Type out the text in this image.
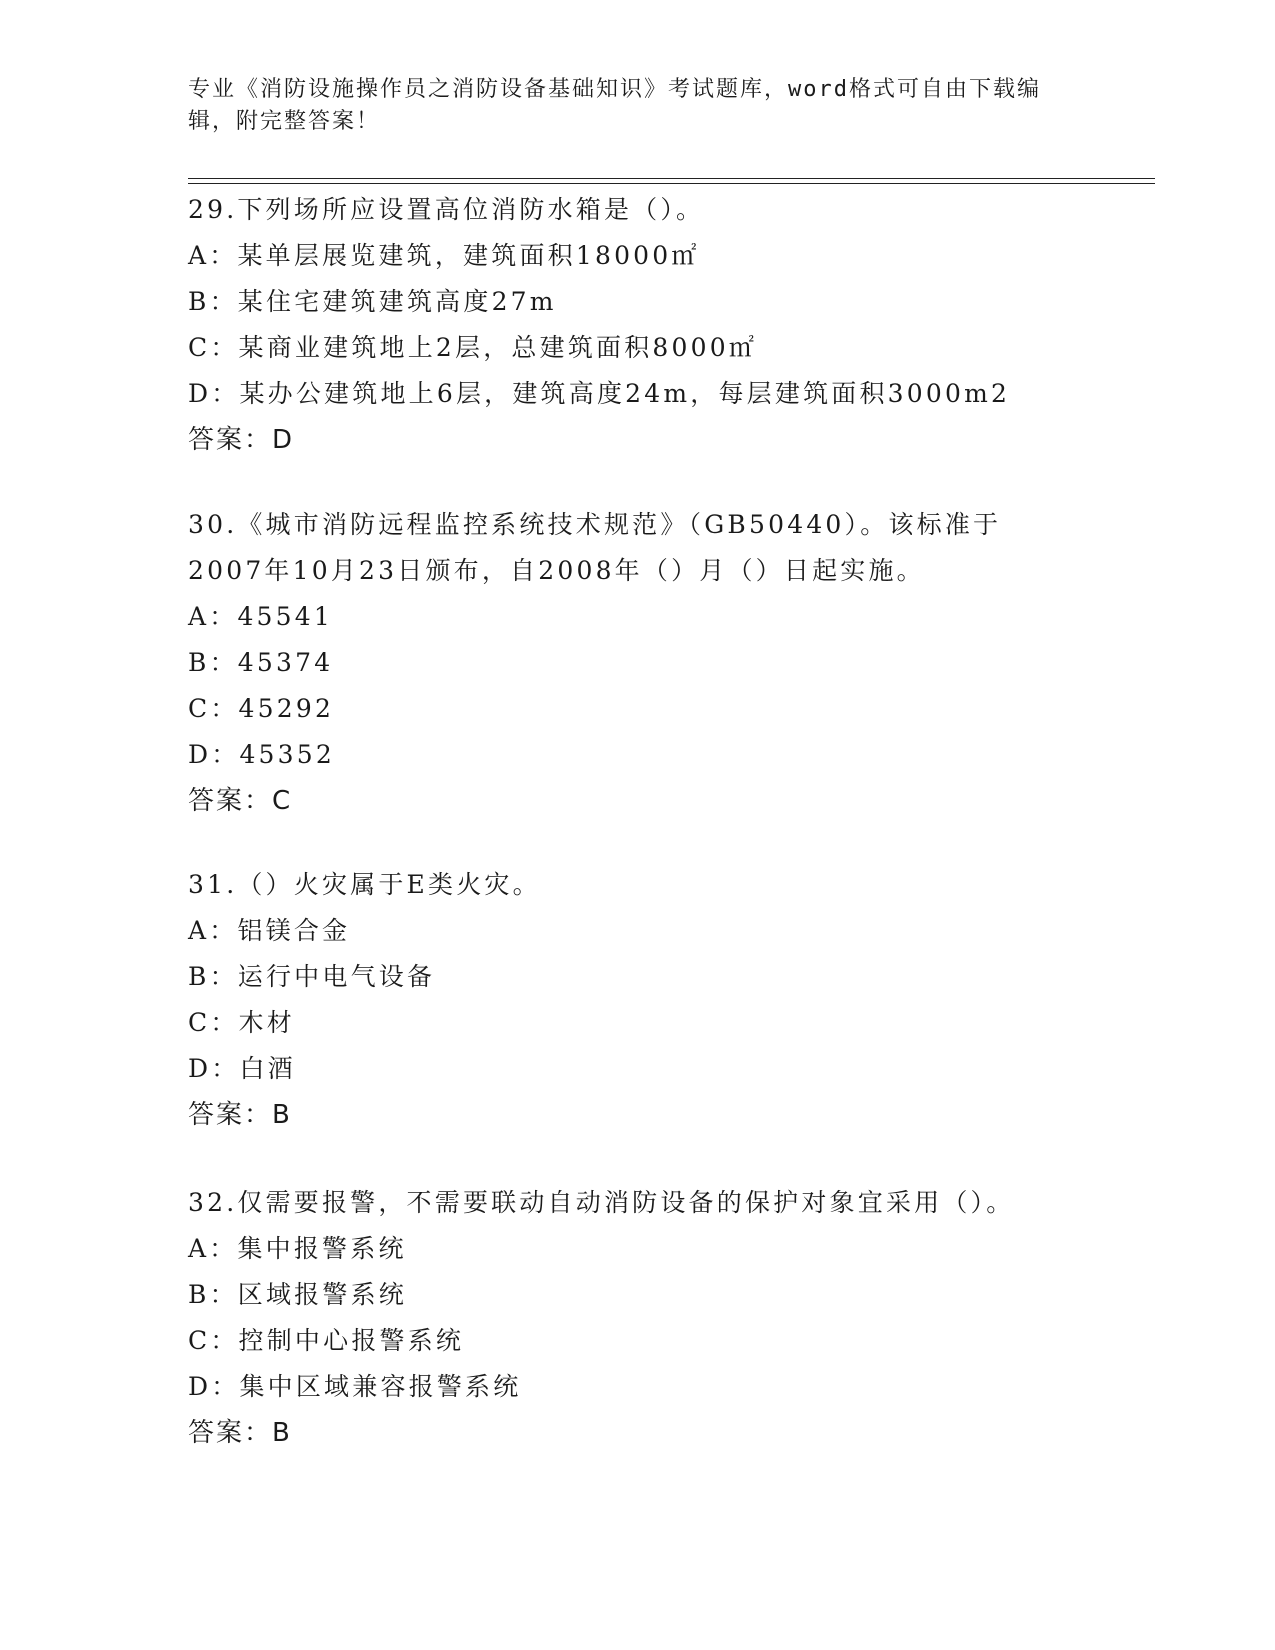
专业《消防设施操作员之消防设备基础知识》考试题库，word格式可自由下载编辑，附完整答案！
29.下列场所应设置高位消防水箱是（）。
A：某单层展览建筑，建筑面积18000㎡
B：某住宅建筑建筑高度27m
C：某商业建筑地上2层，总建筑面积8000㎡
D：某办公建筑地上6层，建筑高度24m，每层建筑面积3000m2
答案：D
30.《城市消防远程监控系统技术规范》（GB50440）。该标准于2007年10月23日颁布，自2008年（）月（）日起实施。
A：45541
B：45374
C：45292
D：45352
答案：C
31.（）火灾属于E类火灾。
A：铝镁合金
B：运行中电气设备
C：木材
D：白酒
答案：B
32.仅需要报警，不需要联动自动消防设备的保护对象宜采用（）。
A：集中报警系统
B：区域报警系统
C：控制中心报警系统
D：集中区域兼容报警系统
答案：B
